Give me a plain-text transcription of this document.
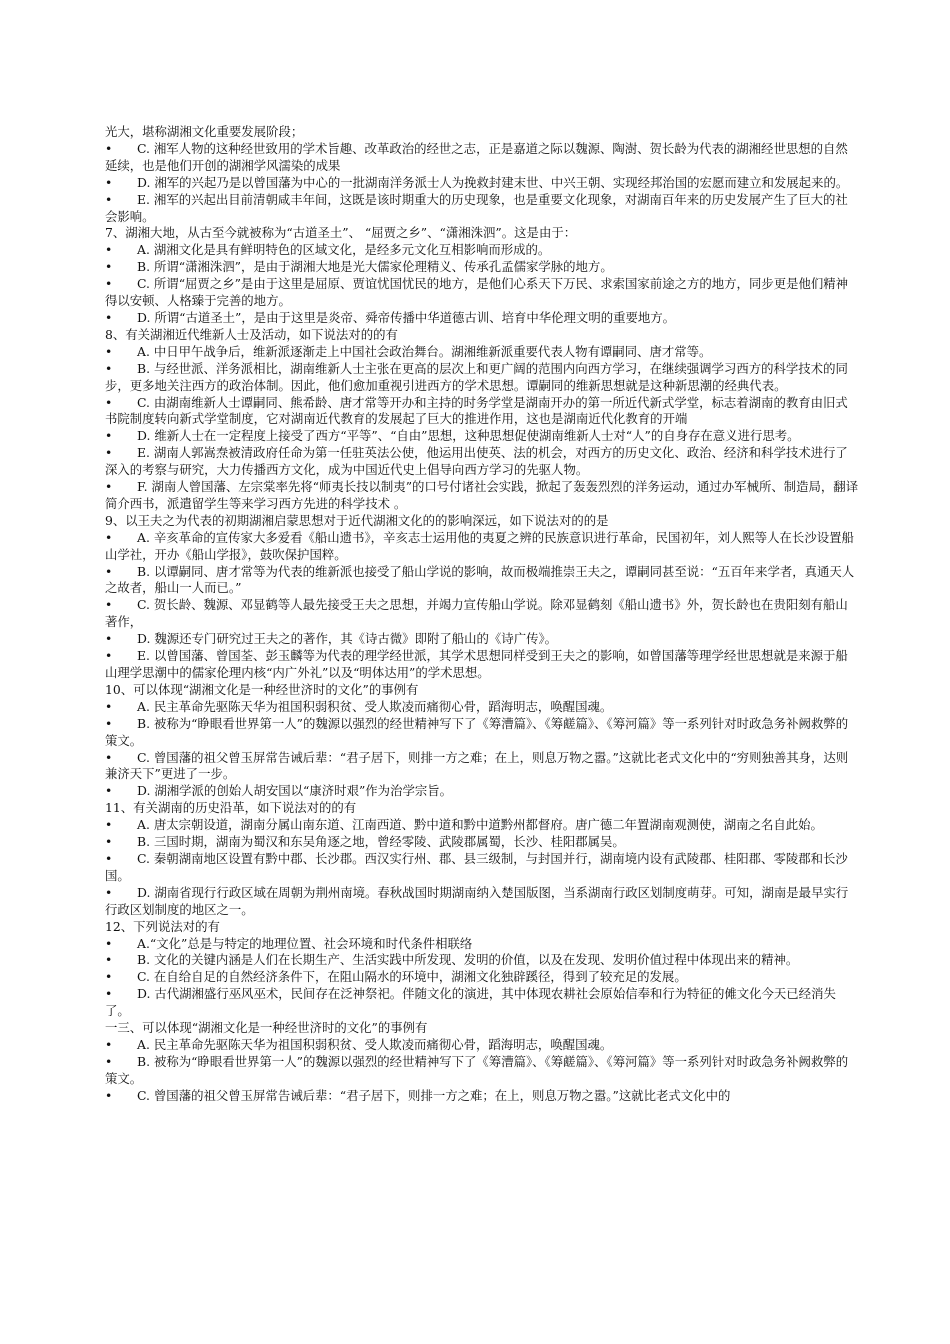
光大，堪称湖湘文化重要发展阶段；

• C. 湘军人物的这种经世致用的学术旨趣、改革政治的经世之志，正是嘉道之际以魏源、陶澍、贺长龄为代表的湖湘经世思想的自然延续，也是他们开创的湖湘学风濡染的成果

• D. 湘军的兴起乃是以曾国藩为中心的一批湖南洋务派士人为挽救封建末世、中兴王朝、实现经邦治国的宏愿而建立和发展起来的。

• E. 湘军的兴起出目前清朝咸丰年间，这既是该时期重大的历史现象，也是重要文化现象，对湖南百年来的历史发展产生了巨大的社会影响。

7、湖湘大地，从古至今就被称为“古道圣土”、 “屈贾之乡”、“潇湘洙泗”。这是由于：

• A. 湖湘文化是具有鲜明特色的区域文化，是经多元文化互相影响而形成的。

• B. 所谓“潇湘洙泗”，是由于湖湘大地是光大儒家伦理精义、传承孔孟儒家学脉的地方。

• C. 所谓“屈贾之乡”是由于这里是屈原、贾谊忧国忧民的地方，是他们心系天下万民、求索国家前途之方的地方，同步更是他们精神得以安顿、人格臻于完善的地方。

• D. 所谓“古道圣土”，是由于这里是炎帝、舜帝传播中华道德古训、培育中华伦理文明的重要地方。

8、有关湖湘近代维新人士及活动，如下说法对的的有

• A. 中日甲午战争后，维新派逐渐走上中国社会政治舞台。湖湘维新派重要代表人物有谭嗣同、唐才常等。

• B. 与经世派、洋务派相比，湖南维新人士主张在更高的层次上和更广阔的范围内向西方学习，在继续强调学习西方的科学技术的同步，更多地关注西方的政治体制。因此，他们愈加重视引进西方的学术思想。谭嗣同的维新思想就是这种新思潮的经典代表。

• C. 由湖南维新人士谭嗣同、熊希龄、唐才常等开办和主持的时务学堂是湖南开办的第一所近代新式学堂，标志着湖南的教育由旧式书院制度转向新式学堂制度，它对湖南近代教育的发展起了巨大的推进作用，这也是湖南近代化教育的开端

• D. 维新人士在一定程度上接受了西方“平等”、“自由”思想，这种思想促使湖南维新人士对“人”的自身存在意义进行思考。

• E. 湖南人郭嵩焘被清政府任命为第一任驻英法公使，他运用出使英、法的机会，对西方的历史文化、政治、经济和科学技术进行了深入的考察与研究，大力传播西方文化，成为中国近代史上倡导向西方学习的先驱人物。

• F. 湖南人曾国藩、左宗棠率先将“师夷长技以制夷”的口号付诸社会实践，掀起了轰轰烈烈的洋务运动，通过办军械所、制造局，翻译简介西书，派遣留学生等来学习西方先进的科学技术 。

9、以王夫之为代表的初期湖湘启蒙思想对于近代湖湘文化的的影响深远，如下说法对的的是

• A. 辛亥革命的宣传家大多爱看《船山遗书》，辛亥志士运用他的夷夏之辨的民族意识进行革命，民国初年，刘人熙等人在长沙设置船山学社，开办《船山学报》，鼓吹保护国粹。

• B. 以谭嗣同、唐才常等为代表的维新派也接受了船山学说的影响，故而极端推崇王夫之，谭嗣同甚至说：“五百年来学者，真通天人之故者，船山一人而已。”

• C. 贺长龄、魏源、邓显鹤等人最先接受王夫之思想，并竭力宣传船山学说。除邓显鹤刻《船山遗书》外，贺长龄也在贵阳刻有船山著作，

• D. 魏源还专门研究过王夫之的著作，其《诗古微》即附了船山的《诗广传》。

• E. 以曾国藩、曾国荃、彭玉麟等为代表的理学经世派，其学术思想同样受到王夫之的影响，如曾国藩等理学经世思想就是来源于船山理学思潮中的儒家伦理内核“内广外礼”以及“明体达用”的学术思想。

10、可以体现“湖湘文化是一种经世济时的文化”的事例有

• A. 民主革命先驱陈天华为祖国积弱积贫、受人欺凌而痛彻心骨，蹈海明志，唤醒国魂。

• B. 被称为“睁眼看世界第一人”的魏源以强烈的经世精神写下了《筹漕篇》、《筹鹾篇》、《筹河篇》等一系列针对时政急务补阙救弊的策文。

• C. 曾国藩的祖父曾玉屏常告诫后辈：“君子居下，则排一方之难；在上，则息万物之嚣。”这就比老式文化中的“穷则独善其身，达则兼济天下”更进了一步。

• D. 湖湘学派的创始人胡安国以“康济时艰”作为治学宗旨。

11、有关湖南的历史沿革，如下说法对的的有

• A. 唐太宗朝设道，湖南分属山南东道、江南西道、黔中道和黔中道黔州都督府。唐广德二年置湖南观测使，湖南之名自此始。

• B. 三国时期，湖南为蜀汉和东吴角逐之地，曾经零陵、武陵郡属蜀，长沙、桂阳郡属吴。

• C. 秦朝湖南地区设置有黔中郡、长沙郡。西汉实行州、郡、县三级制，与封国并行，湖南境内设有武陵郡、桂阳郡、零陵郡和长沙国。

• D. 湖南省现行行政区域在周朝为荆州南境。春秋战国时期湖南纳入楚国版图，当系湖南行政区划制度萌芽。可知，湖南是最早实行行政区划制度的地区之一。

12、下列说法对的有

• A.“文化”总是与特定的地理位置、社会环境和时代条件相联络

• B. 文化的关键内涵是人们在长期生产、生活实践中所发现、发明的价值，以及在发现、发明价值过程中体现出来的精神。

• C. 在自给自足的自然经济条件下，在阻山隔水的环境中，湖湘文化独辟蹊径，得到了较充足的发展。

• D. 古代湖湘盛行巫风巫术，民间存在泛神祭祀。伴随文化的演进，其中体现农耕社会原始信奉和行为特征的傩文化今天已经消失了。

一三、可以体现“湖湘文化是一种经世济时的文化”的事例有

• A. 民主革命先驱陈天华为祖国积弱积贫、受人欺凌而痛彻心骨，蹈海明志，唤醒国魂。

• B. 被称为“睁眼看世界第一人”的魏源以强烈的经世精神写下了《筹漕篇》、《筹鹾篇》、《筹河篇》等一系列针对时政急务补阙救弊的策文。

• C. 曾国藩的祖父曾玉屏常告诫后辈：“君子居下，则排一方之难；在上，则息万物之嚣。”这就比老式文化中的
